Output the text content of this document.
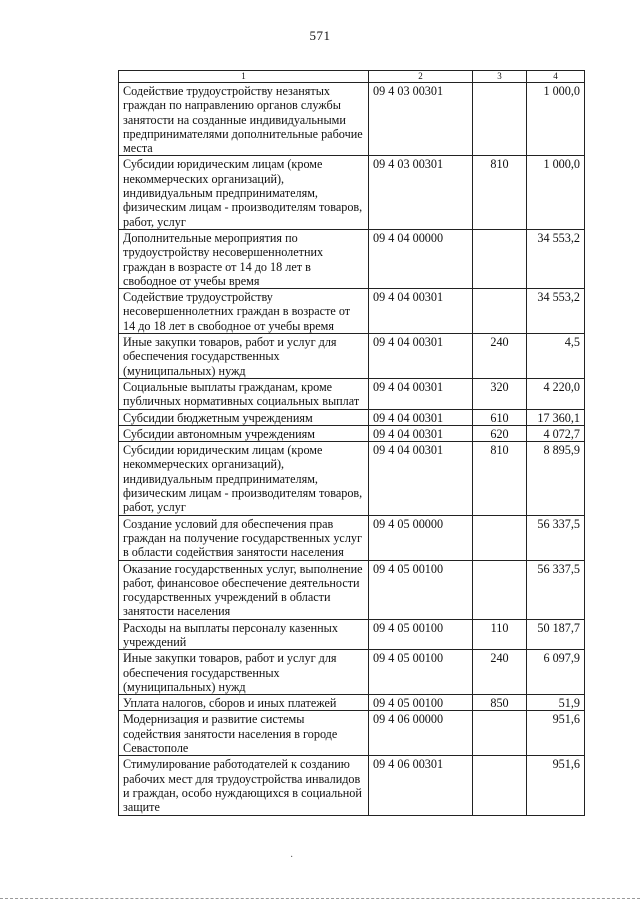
571
1	2	3	4
Содействие трудоустройству незанятых граждан по направлению органов службы занятости на созданные индивидуальными предпринимателями дополнительные рабочие места	09 4 03 00301		1 000,0
Субсидии юридическим лицам (кроме некоммерческих организаций), индивидуальным предпринимателям, физическим лицам - производителям товаров, работ, услуг	09 4 03 00301	810	1 000,0
Дополнительные мероприятия по трудоустройству несовершеннолетних граждан в возрасте от 14 до 18 лет в свободное от учебы время	09 4 04 00000		34 553,2
Содействие трудоустройству несовершеннолетних граждан в возрасте от 14 до 18 лет в свободное от учебы время	09 4 04 00301		34 553,2
Иные закупки товаров, работ и услуг для обеспечения государственных (муниципальных) нужд	09 4 04 00301	240	4,5
Социальные выплаты гражданам, кроме публичных нормативных социальных выплат	09 4 04 00301	320	4 220,0
Субсидии бюджетным учреждениям	09 4 04 00301	610	17 360,1
Субсидии автономным учреждениям	09 4 04 00301	620	4 072,7
Субсидии юридическим лицам (кроме некоммерческих организаций), индивидуальным предпринимателям, физическим лицам - производителям товаров, работ, услуг	09 4 04 00301	810	8 895,9
Создание условий для обеспечения прав граждан на получение государственных услуг в области содействия занятости населения	09 4 05 00000		56 337,5
Оказание государственных услуг, выполнение работ, финансовое обеспечение деятельности государственных учреждений в области занятости населения	09 4 05 00100		56 337,5
Расходы на выплаты персоналу казенных учреждений	09 4 05 00100	110	50 187,7
Иные закупки товаров, работ и услуг для обеспечения государственных (муниципальных) нужд	09 4 05 00100	240	6 097,9
Уплата налогов, сборов и иных платежей	09 4 05 00100	850	51,9
Модернизация и развитие системы содействия занятости населения в городе Севастополе	09 4 06 00000		951,6
Стимулирование работодателей к созданию рабочих мест для трудоустройства инвалидов и граждан, особо нуждающихся в социальной защите	09 4 06 00301		951,6
·
